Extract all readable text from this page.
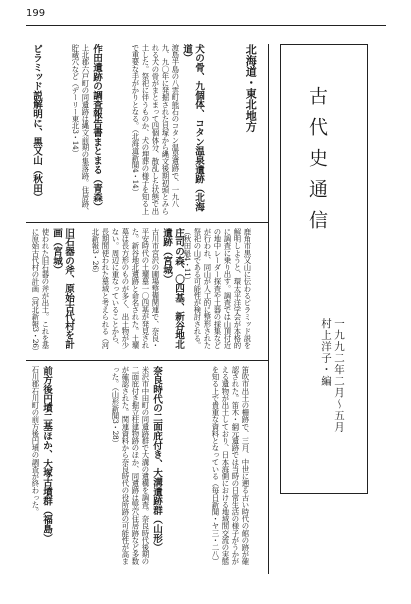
199
古代史通信
一九九二年二月〜五月
村上洋子・編
北海道・東北地方
犬の骨、九個体、コタン温泉遺跡（北海道）
渡島半島の八雲町熊石のコタン温泉遺跡で、一九八九、九〇年に発掘された貝塚から縄文後期初頭とみられる犬の骨がまとまって四個体分、散乱した状態で出土した。祭祀に伴うものか、犬の埋葬の様子を知る上で重要な手がかりとなる。（北海道新聞4・14）
作田遺跡の調査報告書まとまる（青森）
上北郡六戸町の同遺跡は縄文前期の集落跡。住居跡、貯蔵穴など（デーリー東北3・14）
ピラミッド説解明に、黒又山（秋田）
鹿角市黒又山に伝わるピラミッド説を解明しようと、環太平洋学会が本格的に調査に乗り出す。調査では山頂付近の地中レーダー探査や土器の採集などが行われ、同山が人工的に整形された祭祀の山である可能性が検討される。（秋田魁4・11）
庄司の森、〇四基、新谷地北遺跡（宮城）
古川市宮沢の圃場整備関連で、奈良・平安時代の土壙墓一〇四基が発見された。新谷地北遺跡と命名された。土壙墓は長方形のものが多く、出土物が少ない。周辺に重なっていることから、長期間使われた墓域と考えられる（河北新報3・26）
旧石器の斧、原始古代村を計画（宮城）
使われた旧石器の斧が出土。これを基に原始古代村の計画（河北新報3・26）
笛吹市出土の柵跡で、三月、中世に遡る古い時代の館の跡が確認された。笛木・網元遺跡では当時の日常生活の様子がうかがえる遺物が出土しており、日本海側における地域間交流の実態を知る上で貴重な資料となっている（毎日新聞・ヤ三・二八）
奈良時代の二面庇付き、大溝遺跡群（山形）
米沢市中田町の同遺跡群で大溝の遺構を調査。奈良時代後期の二面庇付き掘立柱建物跡のほか、同遺跡は竪穴住居跡など多数が確認された。関連資料から奈良時代の役所跡の可能性が高まった。（山形新聞3・28）
前方後円墳二基ほか、大塚古墳群（福島）
石川郡石川町の前方後円墳の調査が終わった。
